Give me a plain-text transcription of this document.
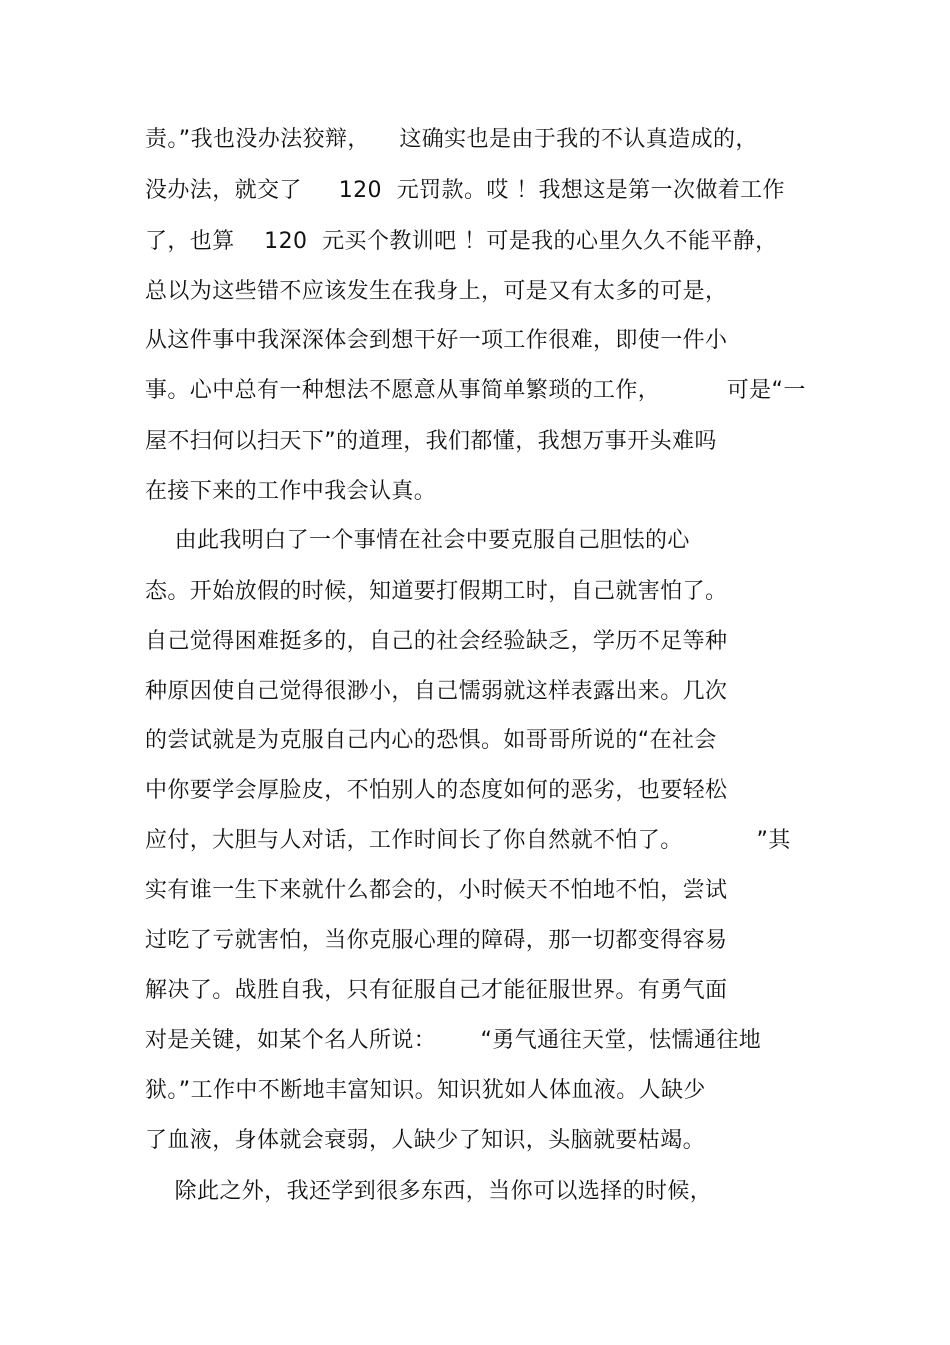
责。”我也没办法狡辩，    这确实也是由于我的不认真造成的，
没办法，就交了     120  元罚款。哎 ！我想这是第一次做着工作
了，也算    120  元买个教训吧 ！可是我的心里久久不能平静，
总以为这些错不应该发生在我身上，可是又有太多的可是，
从这件事中我深深体会到想干好一项工作很难，即使一件小
事。心中总有一种想法不愿意从事简单繁琐的工作，         可是“一
屋不扫何以扫天下”的道理，我们都懂，我想万事开头难吗
在接下来的工作中我会认真。
由此我明白了一个事情在社会中要克服自己胆怯的心
态。开始放假的时候，知道要打假期工时，自己就害怕了。
自己觉得困难挺多的，自己的社会经验缺乏，学历不足等种
种原因使自己觉得很渺小，自己懦弱就这样表露出来。几次
的尝试就是为克服自己内心的恐惧。如哥哥所说的“在社会
中你要学会厚脸皮，不怕别人的态度如何的恶劣，也要轻松
应付，大胆与人对话，工作时间长了你自然就不怕了。          ”其
实有谁一生下来就什么都会的，小时候天不怕地不怕，尝试
过吃了亏就害怕，当你克服心理的障碍，那一切都变得容易
解决了。战胜自我，只有征服自己才能征服世界。有勇气面
对是关键，如某个名人所说：      “勇气通往天堂，怯懦通往地
狱。”工作中不断地丰富知识。知识犹如人体血液。人缺少
了血液，身体就会衰弱，人缺少了知识，头脑就要枯竭。
除此之外，我还学到很多东西，当你可以选择的时候，
